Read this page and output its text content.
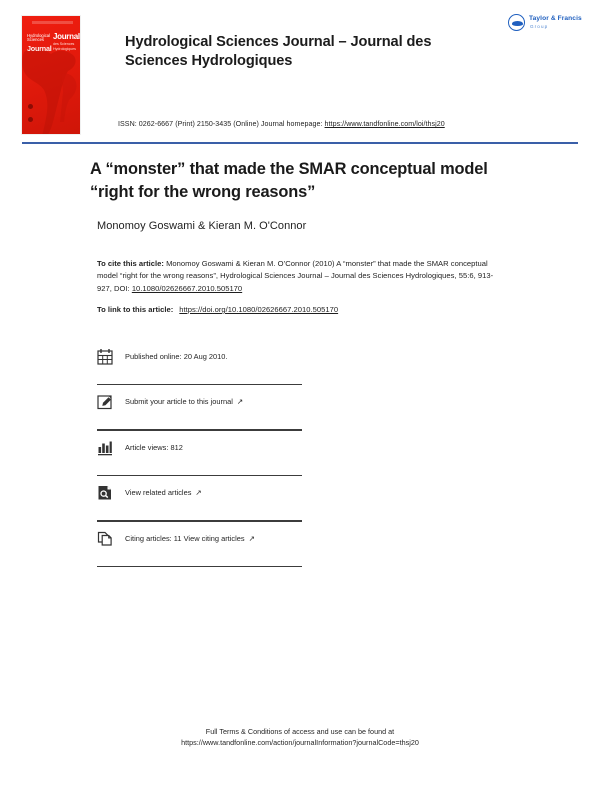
Hydrological Sciences
Journal
Journal
des Sciences Hydrologiques

	Hydrological Sciences Journal – Journal des Sciences Hydrologiques
Taylor & Francis
Group
ISSN: 0262-6667 (Print) 2150-3435 (Online) Journal homepage: https://www.tandfonline.com/loi/thsj20
A “monster” that made the SMAR conceptual model “right for the wrong reasons”
Monomoy Goswami & Kieran M. O'Connor
To cite this article: Monomoy Goswami & Kieran M. O’Connor (2010) A “monster” that made the SMAR conceptual model “right for the wrong reasons”, Hydrological Sciences Journal – Journal des Sciences Hydrologiques, 55:6, 913-927, DOI: 10.1080/02626667.2010.505170
To link to this article: https://doi.org/10.1080/02626667.2010.505170
Published online: 20 Aug 2010.
Submit your article to this journal ↗
Article views: 812
View related articles ↗
Citing articles: 11 View citing articles ↗
Full Terms & Conditions of access and use can be found at
https://www.tandfonline.com/action/journalInformation?journalCode=thsj20
